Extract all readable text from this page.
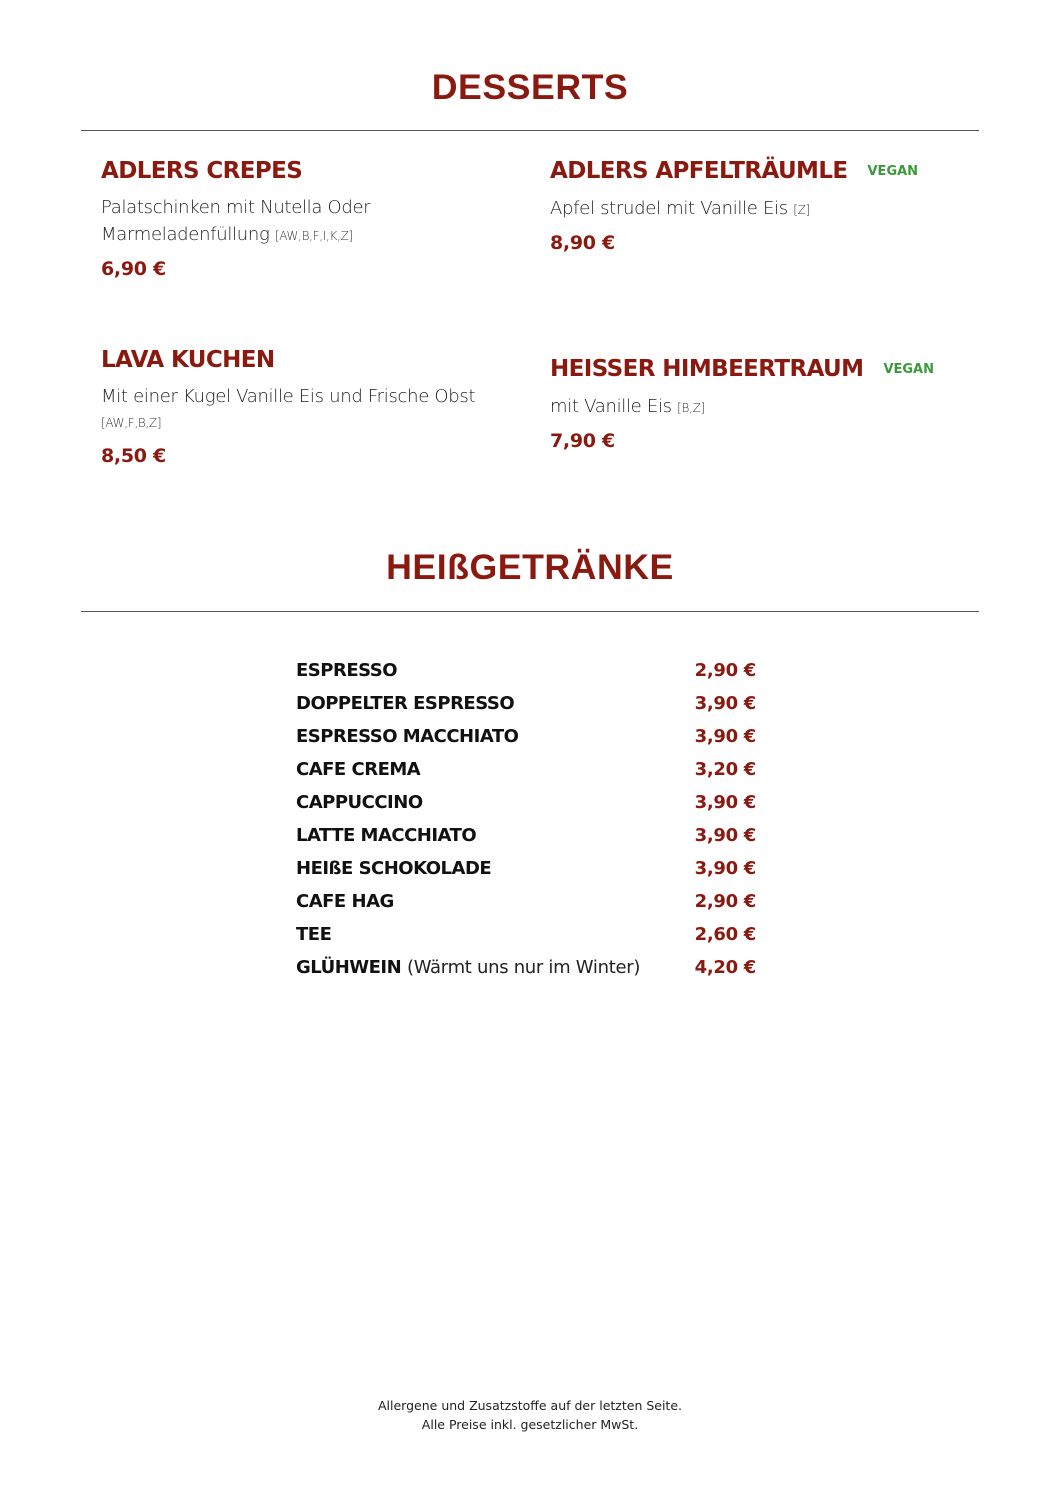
DESSERTS
ADLERS CREPES
Palatschinken mit Nutella Oder Marmeladenfüllung [AW,B,F,I,K,Z]
6,90 €
ADLERS APFELTRÄUMLE VEGAN
Apfel strudel mit Vanille Eis [Z]
8,90 €
LAVA KUCHEN
Mit einer Kugel Vanille Eis und Frische Obst
[AW,F,B,Z]
8,50 €
HEISSER HIMBEERTRAUM VEGAN
mit Vanille Eis [B,Z]
7,90 €
HEIßGETRÄNKE
ESPRESSO	2,90 €
DOPPELTER ESPRESSO	3,90 €
ESPRESSO MACCHIATO	3,90 €
CAFE CREMA	3,20 €
CAPPUCCINO	3,90 €
LATTE MACCHIATO	3,90 €
HEIßE SCHOKOLADE	3,90 €
CAFE HAG	2,90 €
TEE	2,60 €
GLÜHWEIN (Wärmt uns nur im Winter)	4,20 €
Allergene und Zusatzstoffe auf der letzten Seite.
Alle Preise inkl. gesetzlicher MwSt.
